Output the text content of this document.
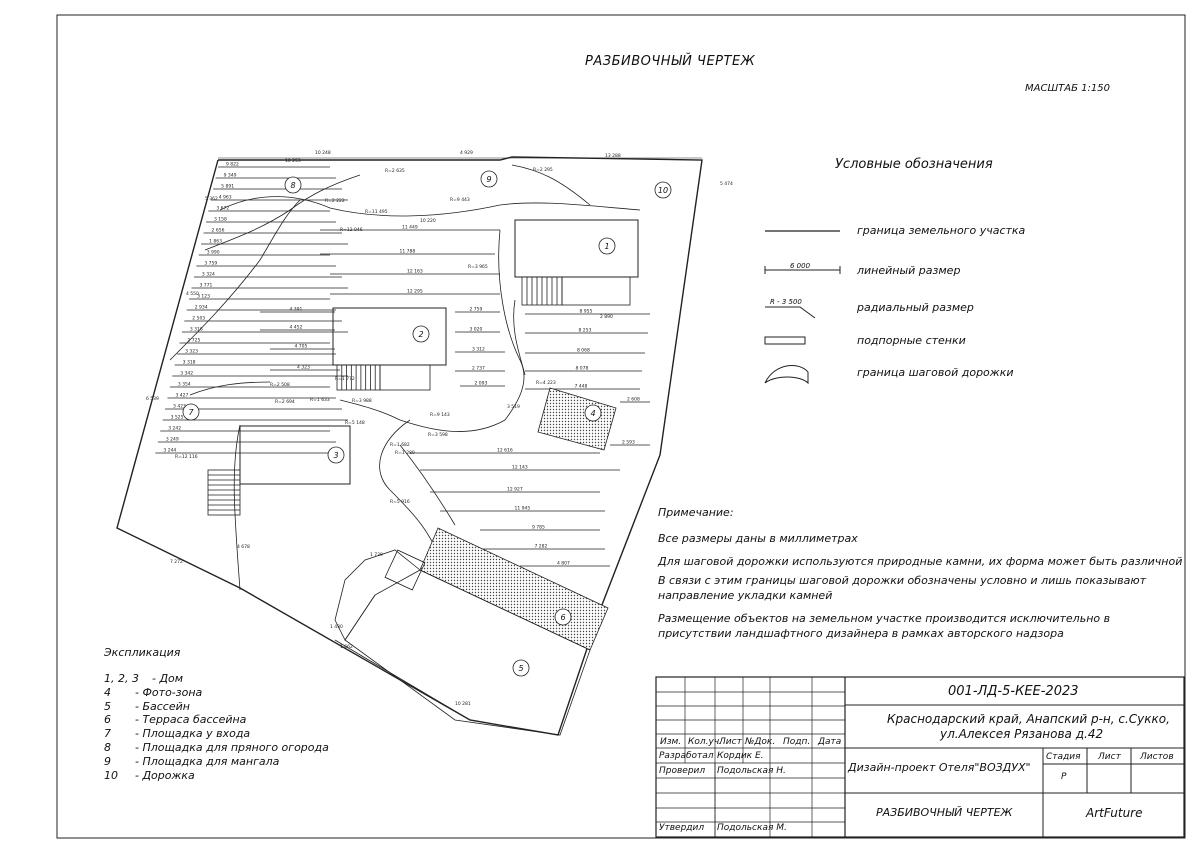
1
2
3
4
5
6
7
8
9
10
9 822
9 349
5 891
4 963
3 672
3 158
2 656
1 863
3 990
3 759
3 324
3 771
3 123
2 934
2 503
3 316
2 725
3 323
3 318
3 342
3 354
3 427
3 423
3 525
3 242
3 249
3 244
11 449
11 788
12 163
12 295
4 391
4 452
4 705
4 323
2 759
3 020
3 312
2 737
2 093
8 955
8 253
8 068
8 078
7 448
2 608
2 593
12 616
12 143
12 927
11 945
9 785
7 282
4 807
10 248	4 929
13 288
10 253
R=2 635
R=2 222
R=11 495
R=12 046
R=9 443
R=2 295
R=3 965
R=2 508
R=2 694	R=1 633
R=1 772
R=5 148
R=4 223
R=9 143
R=3 598
R=1 682
R=1 280
R=5 916
R=3 988
R=12 116
10 220
5 362
4 550
6 539
7 272
4 678
2 890
1 739
1 662
10 281
1 430
5 474
3 519
РАЗБИВОЧНЫЙ ЧЕРТЕЖ
МАСШТАБ 1:150
Условные обозначения
граница земельного участка
6 000	линейный размер
R - 3 500	радиальный размер
подпорные стенки
граница шаговой дорожки
Примечание:
Все размеры даны в миллиметрах
Для шаговой дорожки используются природные камни, их форма может быть различной
В связи с этим границы шаговой дорожки обозначены условно и лишь показывают
направление укладки камней
Размещение объектов на земельном участке производится исключительно в
присутствии ландшафтного дизайнера в рамках авторского надзора
Экспликация
1, 2, 3 - Дом
4 - Фото-зона
5 - Бассейн
6 - Терраса бассейна
7 - Площадка у входа
8 - Площадка для пряного огорода
9 - Площадка для мангала
10 - Дорожка
001-ЛД-5-КЕЕ-2023
Краснодарский край, Анапский р-н, с.Сукко,
ул.Алексея Рязанова д.42
Дизайн-проект Отеля"ВОЗДУХ"
РАЗБИВОЧНЫЙ ЧЕРТЕЖ	ArtFuture
Стадия Лист Листов
Р
Изм. Кол.уч.
Лист №Док. Подп. Дата
Разработал Кордик Е.
Проверил Подольская Н.
Утвердил Подольская М.
